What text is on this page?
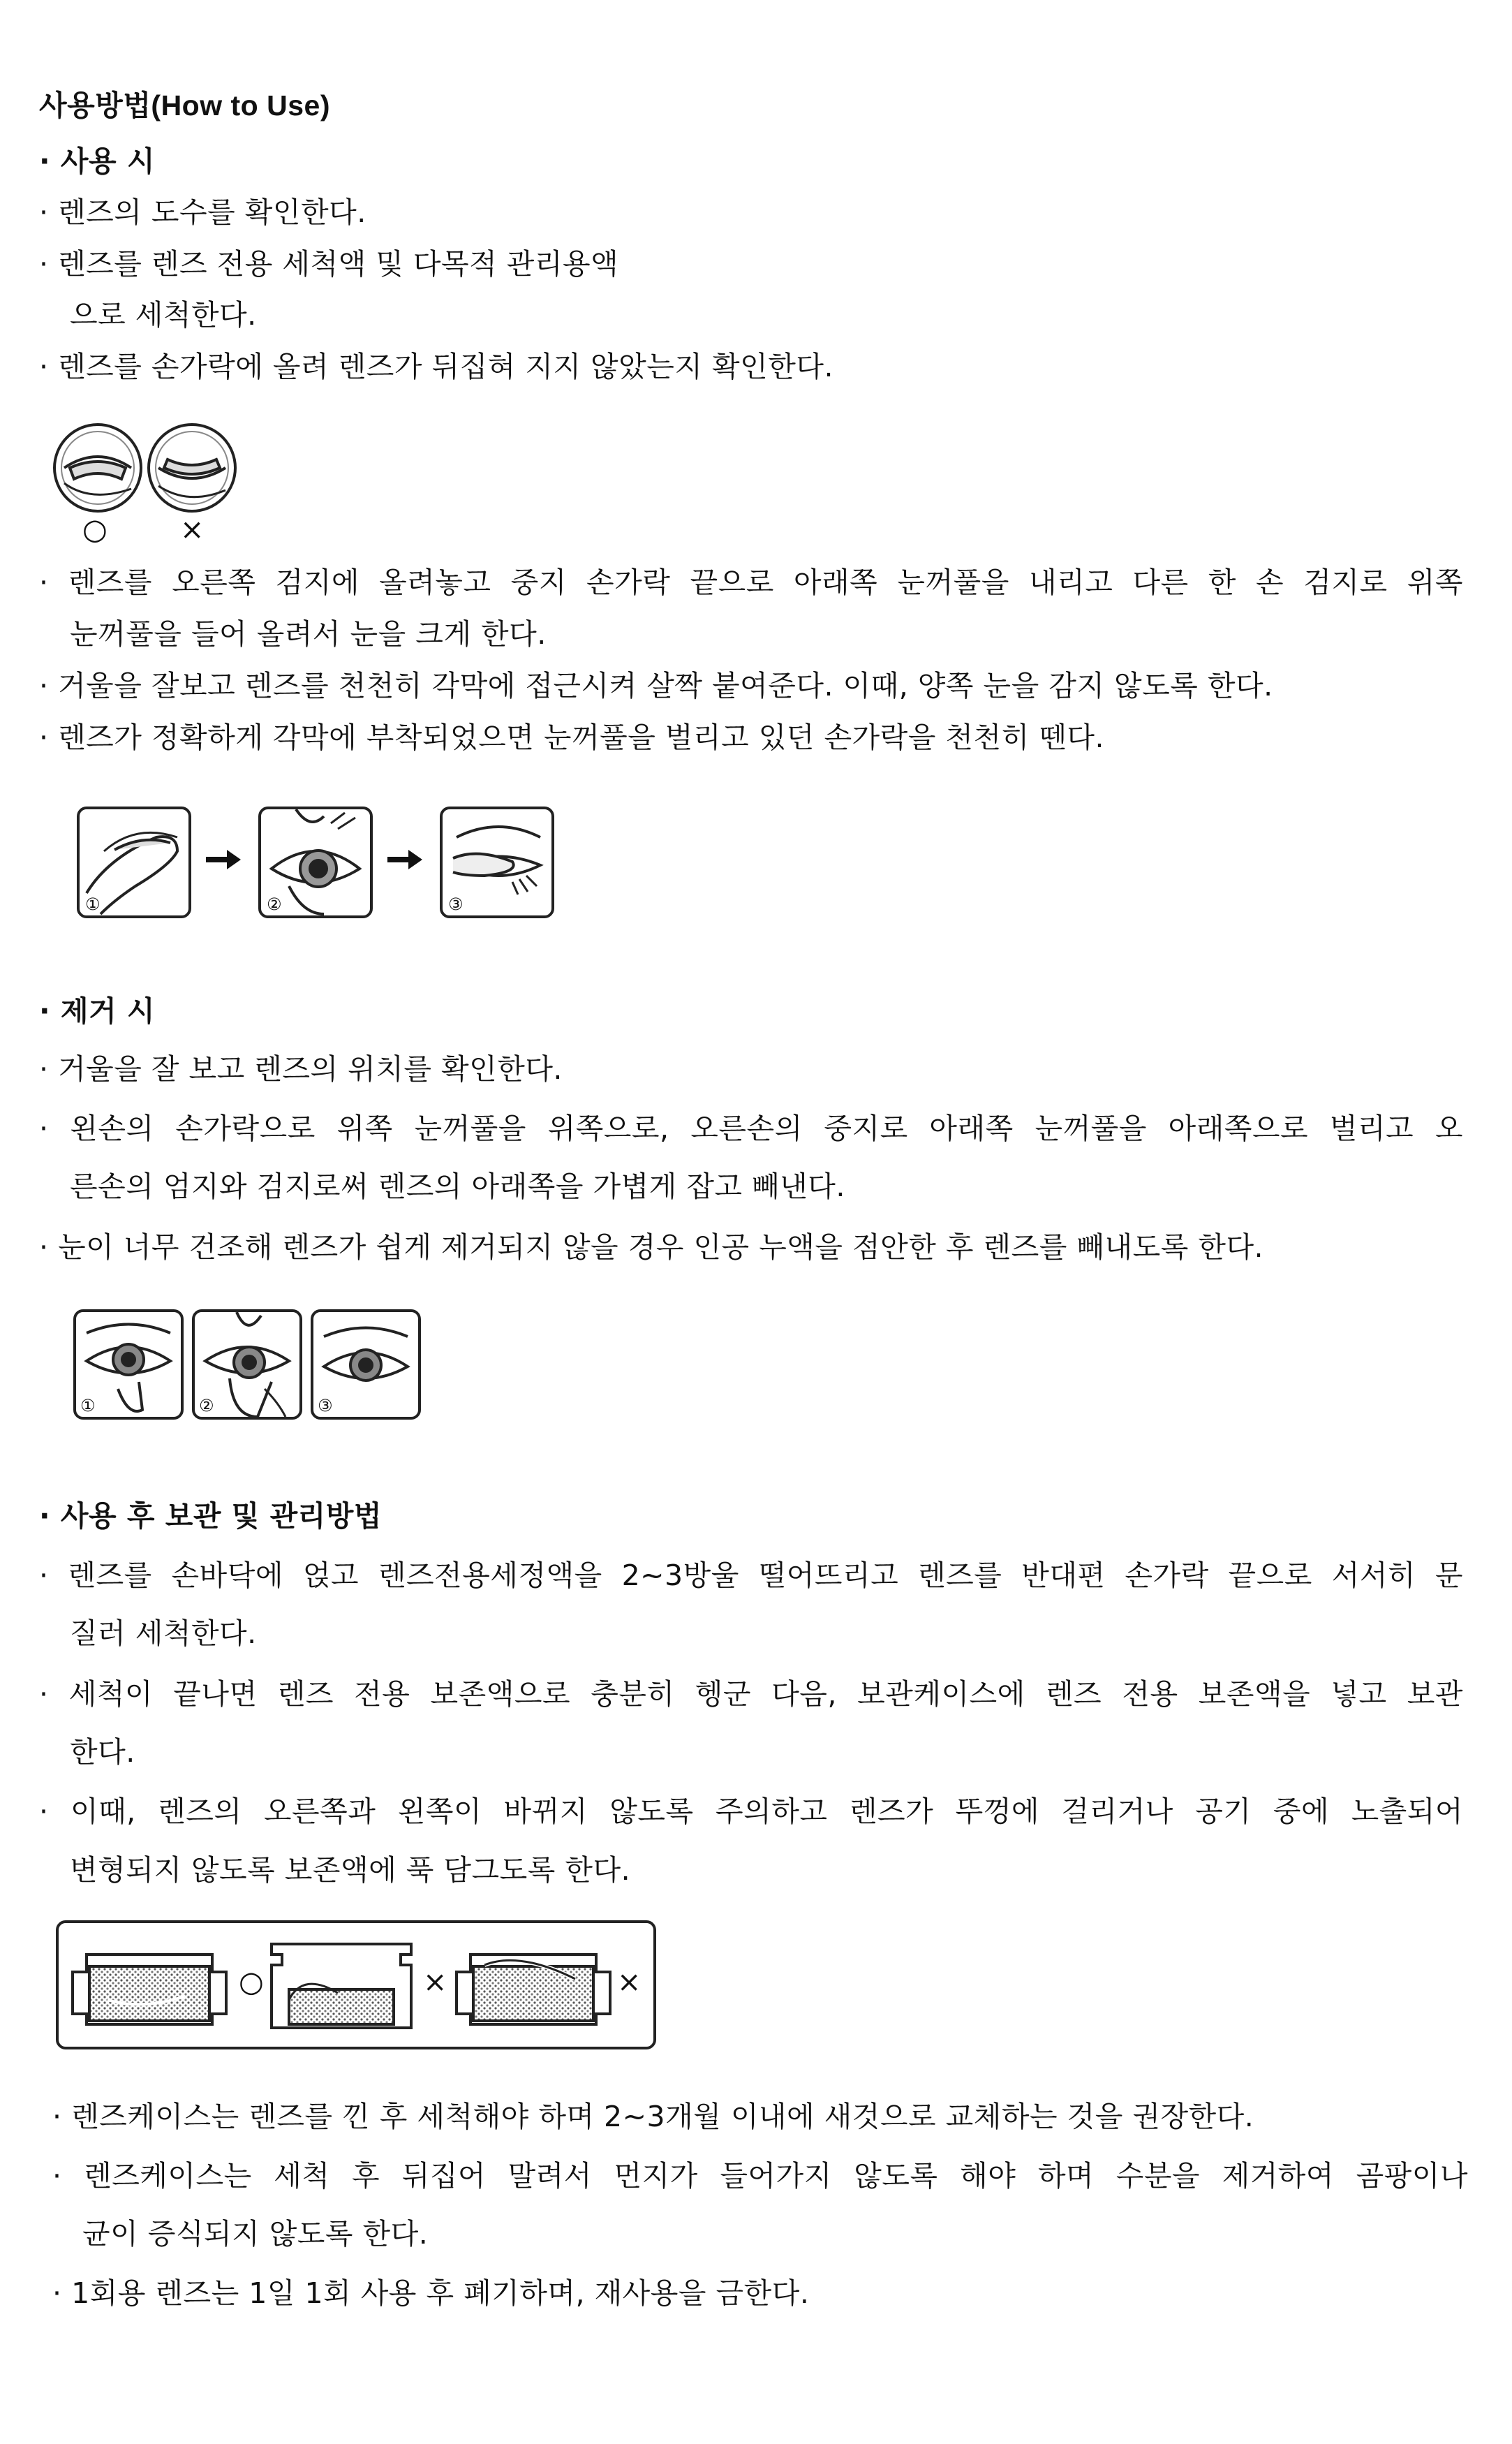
사용방법(How to Use)
· 사용 시
· 렌즈의 도수를 확인한다.
· 렌즈를 렌즈 전용 세척액 및 다목적 관리용액
으로 세척한다.
· 렌즈를 손가락에 올려 렌즈가 뒤집혀 지지 않았는지 확인한다.
○	×
· 렌즈를 오른쪽 검지에 올려놓고 중지 손가락 끝으로 아래쪽 눈꺼풀을 내리고 다른 한 손 검지로 위쪽
눈꺼풀을 들어 올려서 눈을 크게 한다.
· 거울을 잘보고 렌즈를 천천히 각막에 접근시켜 살짝 붙여준다. 이때, 양쪽 눈을 감지 않도록 한다.
· 렌즈가 정확하게 각막에 부착되었으면 눈꺼풀을 벌리고 있던 손가락을 천천히 뗀다.
①	②	③
· 제거 시
· 거울을 잘 보고 렌즈의 위치를 확인한다.
· 왼손의 손가락으로 위쪽 눈꺼풀을 위쪽으로, 오른손의 중지로 아래쪽 눈꺼풀을 아래쪽으로 벌리고 오
른손의 엄지와 검지로써 렌즈의 아래쪽을 가볍게 잡고 빼낸다.
· 눈이 너무 건조해 렌즈가 쉽게 제거되지 않을 경우 인공 누액을 점안한 후 렌즈를 빼내도록 한다.
①	②	③
· 사용 후 보관 및 관리방법
· 렌즈를 손바닥에 얹고 렌즈전용세정액을 2~3방울 떨어뜨리고 렌즈를 반대편 손가락 끝으로 서서히 문
질러 세척한다.
· 세척이 끝나면 렌즈 전용 보존액으로 충분히 헹군 다음, 보관케이스에 렌즈 전용 보존액을 넣고 보관
한다.
· 이때, 렌즈의 오른쪽과 왼쪽이 바뀌지 않도록 주의하고 렌즈가 뚜껑에 걸리거나 공기 중에 노출되어
변형되지 않도록 보존액에 푹 담그도록 한다.
○	×	×
· 렌즈케이스는 렌즈를 낀 후 세척해야 하며 2~3개월 이내에 새것으로 교체하는 것을 권장한다.
· 렌즈케이스는 세척 후 뒤집어 말려서 먼지가 들어가지 않도록 해야 하며 수분을 제거하여 곰팡이나
균이 증식되지 않도록 한다.
· 1회용 렌즈는 1일 1회 사용 후 폐기하며, 재사용을 금한다.
